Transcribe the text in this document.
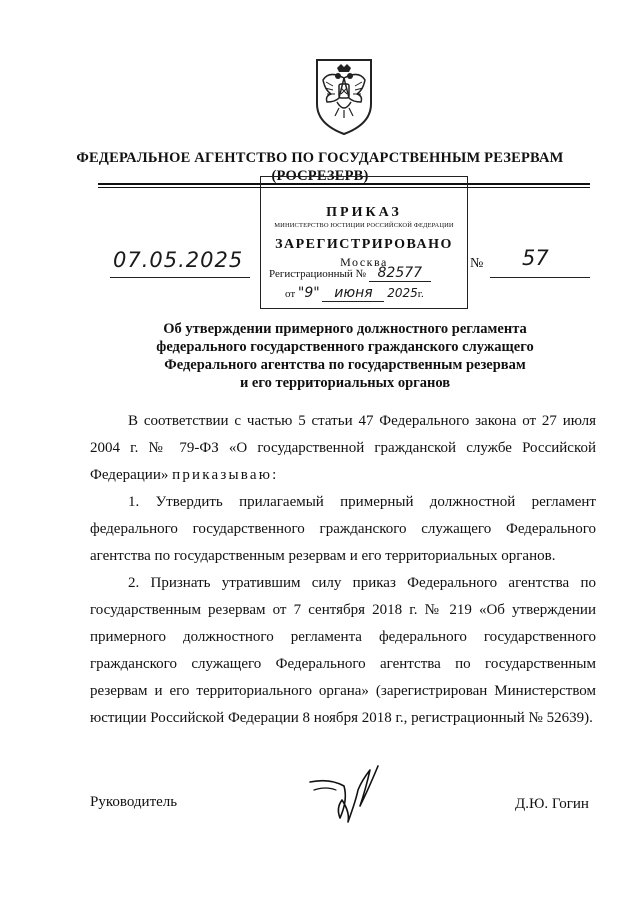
ФЕДЕРАЛЬНОЕ АГЕНТСТВО ПО ГОСУДАРСТВЕННЫМ РЕЗЕРВАМ
(РОСРЕЗЕРВ)
ПРИКАЗ
МИНИСТЕРСТВО ЮСТИЦИИ РОССИЙСКОЙ ФЕДЕРАЦИИ
ЗАРЕГИСТРИРОВАНО
Москва
Регистрационный № 82577
от "9" июня 2025г.
07.05.2025	№ 57
Об утверждении примерного должностного регламента
федерального государственного гражданского служащего
Федерального агентства по государственным резервам
и его территориальных органов

В соответствии с частью 5 статьи 47 Федерального закона от 27 июля 2004 г. № 79-ФЗ «О государственной гражданской службе Российской Федерации» приказываю:

1. Утвердить прилагаемый примерный должностной регламент федерального государственного гражданского служащего Федерального агентства по государственным резервам и его территориальных органов.

2. Признать утратившим силу приказ Федерального агентства по государственным резервам от 7 сентября 2018 г. № 219 «Об утверждении примерного должностного регламента федерального государственного гражданского служащего Федерального агентства по государственным резервам и его территориального органа» (зарегистрирован Министерством юстиции Российской Федерации 8 ноября 2018 г., регистрационный № 52639).

Руководитель	Д.Ю. Гогин
